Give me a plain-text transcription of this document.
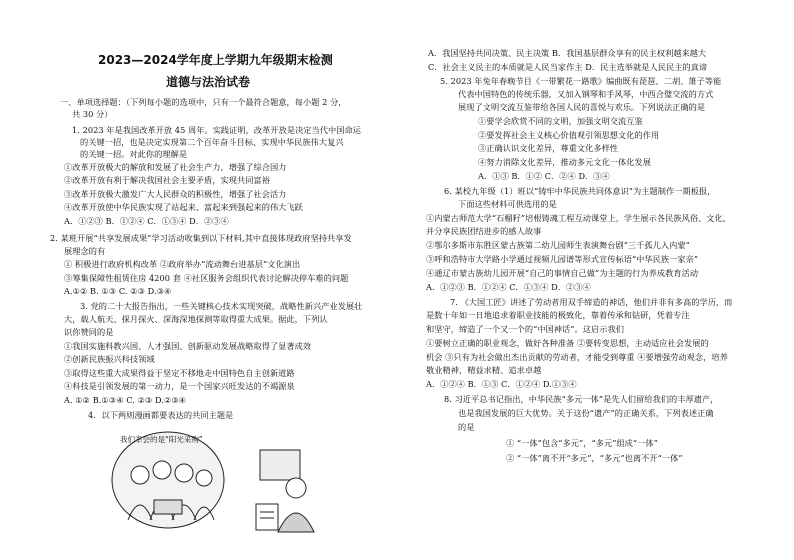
2023—2024学年度上学期九年级期末检测
道德与法治试卷
一、单项选择题：（下列每小题的选项中，只有一个最符合题意，每小题 2 分，
共 30 分）
1. 2023 年是我国改革开放 45 周年。实践证明，改革开放是决定当代中国命运
的关键一招，也是决定实现第二个百年奋斗目标、实现中华民族伟大复兴
的关键一招。对此你的理解是
①改革开放极大的解放和发展了社会生产力，增强了综合国力
②改革开放有利于解决我国社会主要矛盾，实现共同富裕
③改革开放极大激发广大人民群众的积极性，增强了社会活力
④改革开放使中华民族实现了站起来、富起来到强起来的伟大飞跃
A．①②③ B．①②④ C．①③④ D．②③④
2. 某班开展“共享发展成果”学习活动收集到以下材料,其中直接体现政府坚持共享发
展理念的有
① 积极进行政府机构改革 ②政府举办“流动舞台进基层”文化演出
③筹集保障性租赁住房 4200 套 ④社区服务会组织代表讨论解决停车难的问题
A.①② B. ①③ C. ②③ D.③④
3. 党的二十大报告指出，一些关键核心技术实现突破，战略性新兴产业发展壮
大，载人航天、探月探火、深海深地探测等取得重大成果。据此，下列认
识你赞同的是
①我国实施科教兴国、人才强国、创新驱动发展战略取得了显著成效
②创新民族振兴科技领域
③取得这些重大成果得益于坚定不移地走中国特色自主创新道路
④科技是引领发展的第一动力，是一个国家兴旺发达的不竭源泉
A. ①② B.①③④ C. ②③ D.②③④
4．以下两则漫画都要表达的共同主题是
A．我国坚持共同决策、民主决策 B．我国基层群众享有的民主权利越来越大
C．社会主义民主的本质就是人民当家作主 D．民主选举就是人民民主的真谛
5. 2023 年兔年春晚节目《一带繁花一路歌》编曲既有琵琶、二胡、箫子等能
代表中国特色的传统乐器，又加入钢琴和手风琴，中西合璧交流的方式
展现了文明交流互鉴带给各国人民的喜悦与欢乐。下列说法正确的是
①要学会欣赏不同的文明，加强文明交流互鉴
②要发挥社会主义核心价值观引领思想文化的作用
③正确认识文化差异，尊重文化多样性
④努力消除文化差异，推动多元文化一体化发展
A．①③ B．①② C．②④ D．③④
6. 某校九年级（1）班以“铸牢中华民族共同体意识”为主题制作一期板报，
下面这些材料可供选用的是
①内蒙古师范大学“石榴籽”培根铸魂工程互动课堂上，学生展示各民族风俗、文化，
并分享民族团结进步的感人故事
②鄂尔多斯市东胜区蒙古族第二幼儿园师生表演舞台剧“三千孤儿入内蒙”
③呼和浩特市大学路小学通过视频儿园谱等形式宣传标语“中华民族一家亲”
④通辽市蒙古族幼儿园开展“自己的事情自己做”为主题的行为养成教育活动
A．①②③ B．①②④ C．①③④ D．②③④
7. 《大国工匠》讲述了劳动者用双手缔造的神话，他们并非有多高的学历，而
是数十年如一日地追求着职业技能的极致化，靠着传承和钻研，凭着专注
和坚守，缔造了一个又一个的“中国神话”。这启示我们
①要树立正确的职业观念，做好各种准备 ②要转变思想，主动适应社会发展的
机会 ③只有为社会做出杰出贡献的劳动者，才能受到尊重 ④要增强劳动观念，培养
敬业精神，精益求精、追求卓越
A．①②④ B．①③ C．①②④ D.①③④
8. 习近平总书记指出，中华民族“多元一体”是先人们留给我们的丰厚遗产，
也是我国发展的巨大优势。关于这份“遗产”的正确关系，下列表述正确
的是
① “一体”包含“多元”，“多元”组成“一体”
② “一体”离不开“多元”，“多元”也离不开“一体”
我们幸会的是“阳光采购”
